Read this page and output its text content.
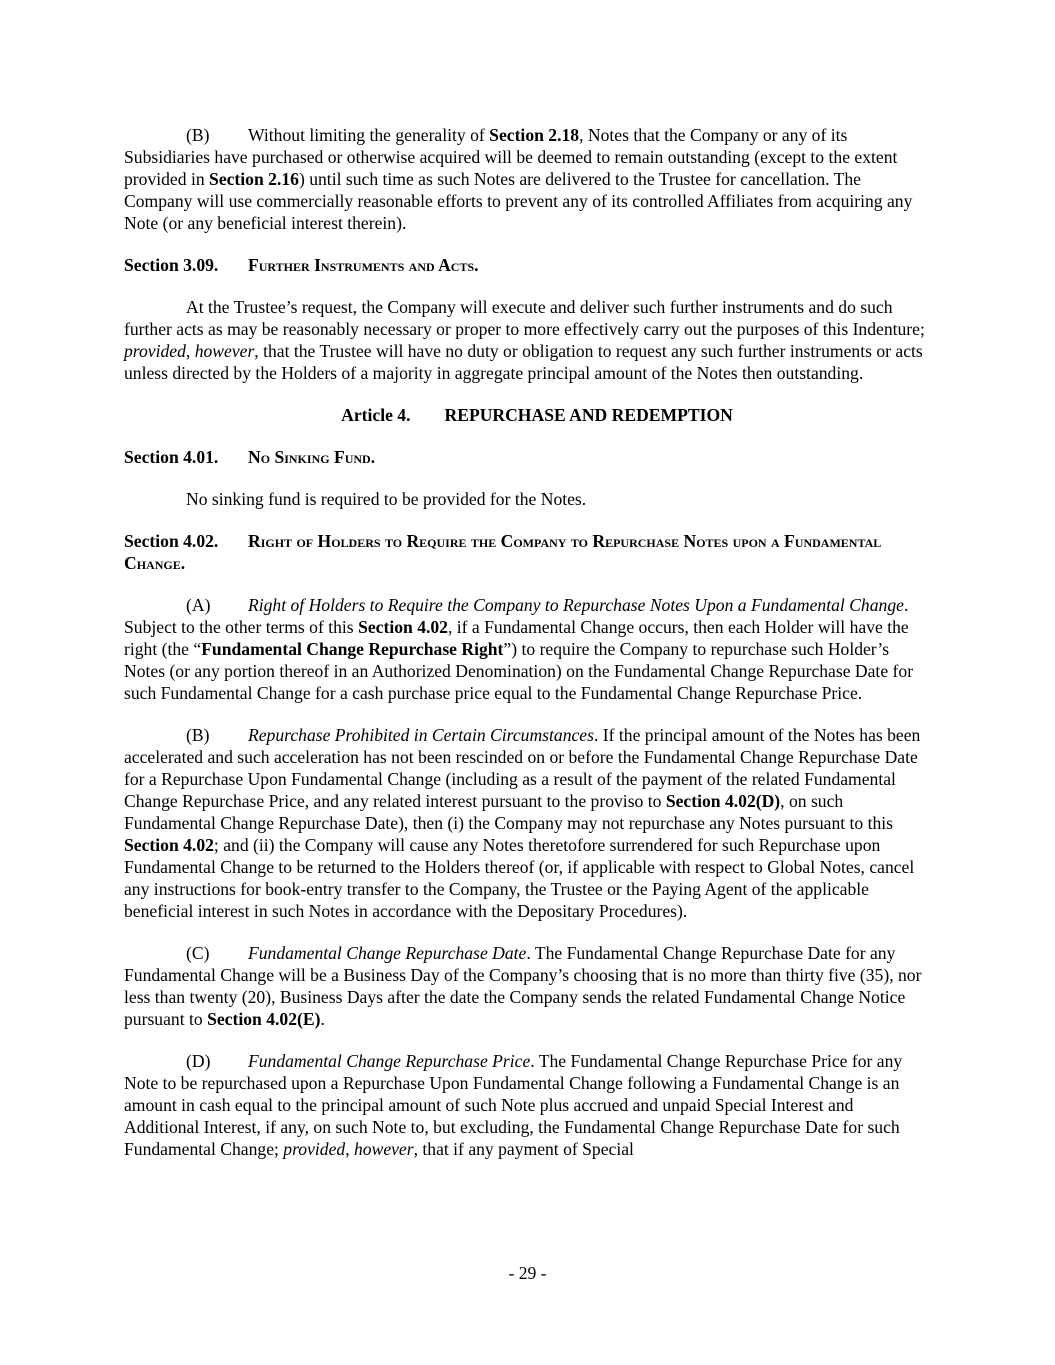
(B) Without limiting the generality of Section 2.18, Notes that the Company or any of its Subsidiaries have purchased or otherwise acquired will be deemed to remain outstanding (except to the extent provided in Section 2.16) until such time as such Notes are delivered to the Trustee for cancellation. The Company will use commercially reasonable efforts to prevent any of its controlled Affiliates from acquiring any Note (or any beneficial interest therein).

Section 3.09. Further Instruments and Acts.

At the Trustee’s request, the Company will execute and deliver such further instruments and do such further acts as may be reasonably necessary or proper to more effectively carry out the purposes of this Indenture; provided, however, that the Trustee will have no duty or obligation to request any such further instruments or acts unless directed by the Holders of a majority in aggregate principal amount of the Notes then outstanding.

Article 4. REPURCHASE AND REDEMPTION

Section 4.01. No Sinking Fund.

No sinking fund is required to be provided for the Notes.

Section 4.02. Right of Holders to Require the Company to Repurchase Notes upon a Fundamental Change.

(A) Right of Holders to Require the Company to Repurchase Notes Upon a Fundamental Change. Subject to the other terms of this Section 4.02, if a Fundamental Change occurs, then each Holder will have the right (the “Fundamental Change Repurchase Right”) to require the Company to repurchase such Holder’s Notes (or any portion thereof in an Authorized Denomination) on the Fundamental Change Repurchase Date for such Fundamental Change for a cash purchase price equal to the Fundamental Change Repurchase Price.

(B) Repurchase Prohibited in Certain Circumstances. If the principal amount of the Notes has been accelerated and such acceleration has not been rescinded on or before the Fundamental Change Repurchase Date for a Repurchase Upon Fundamental Change (including as a result of the payment of the related Fundamental Change Repurchase Price, and any related interest pursuant to the proviso to Section 4.02(D), on such Fundamental Change Repurchase Date), then (i) the Company may not repurchase any Notes pursuant to this Section 4.02; and (ii) the Company will cause any Notes theretofore surrendered for such Repurchase upon Fundamental Change to be returned to the Holders thereof (or, if applicable with respect to Global Notes, cancel any instructions for book-entry transfer to the Company, the Trustee or the Paying Agent of the applicable beneficial interest in such Notes in accordance with the Depositary Procedures).

(C) Fundamental Change Repurchase Date. The Fundamental Change Repurchase Date for any Fundamental Change will be a Business Day of the Company’s choosing that is no more than thirty five (35), nor less than twenty (20), Business Days after the date the Company sends the related Fundamental Change Notice pursuant to Section 4.02(E).

(D) Fundamental Change Repurchase Price. The Fundamental Change Repurchase Price for any Note to be repurchased upon a Repurchase Upon Fundamental Change following a Fundamental Change is an amount in cash equal to the principal amount of such Note plus accrued and unpaid Special Interest and Additional Interest, if any, on such Note to, but excluding, the Fundamental Change Repurchase Date for such Fundamental Change; provided, however, that if any payment of Special

- 29 -
